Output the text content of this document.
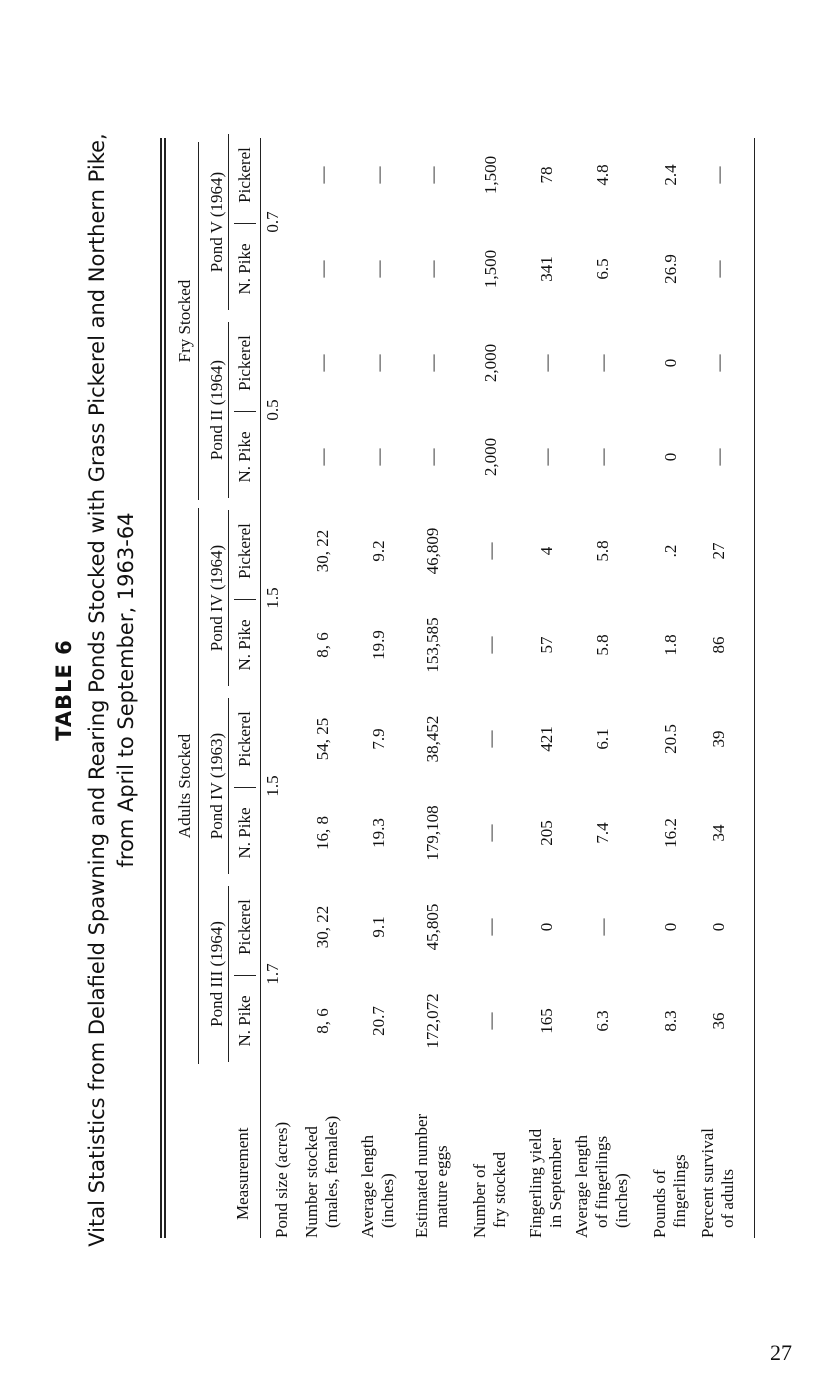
TABLE 6 Vital Statistics from Delafield Spawning and Rearing Ponds Stocked with Grass Pickerel and Northern Pike, from April to September, 1963-64
Measurement
Adults Stocked
Fry Stocked
Pond III (1964) N. Pike
Pickerel
Pond IV (1963) N. Pike
Pickerel
Pond IV (1964) N. Pike
Pickerel
Pond II (1964) N. Pike
Pickerel
Pond V (1964) N. Pike
Pickerel
Pond size (acres)
1.7
1.5
1.5
0.5
0.7
Number stocked (males, females)
8, 6
30, 22
16, 8
54, 25
8, 6
30, 22
—
—
—
—
Average length (inches)
20.7
9.1
19.3
7.9
19.9
9.2
—
—
—
—
Estimated number mature eggs
172,072
45,805
179,108
38,452
153,585
46,809
—
—
—
—
Number of fry stocked
—
—
—
—
—
—
2,000
2,000
1,500
1,500
Fingerling yield in September
165
0
205
421
57
4
—
—
341
78
Average length of fingerlings (inches)
6.3
—
7.4
6.1
5.8
5.8
—
—
6.5
4.8
Pounds of fingerlings
8.3
0
16.2
20.5
1.8
.2
0
0
26.9
2.4
Percent survival of adults
36
0
34
39
86
27
—
—
—
—
27
